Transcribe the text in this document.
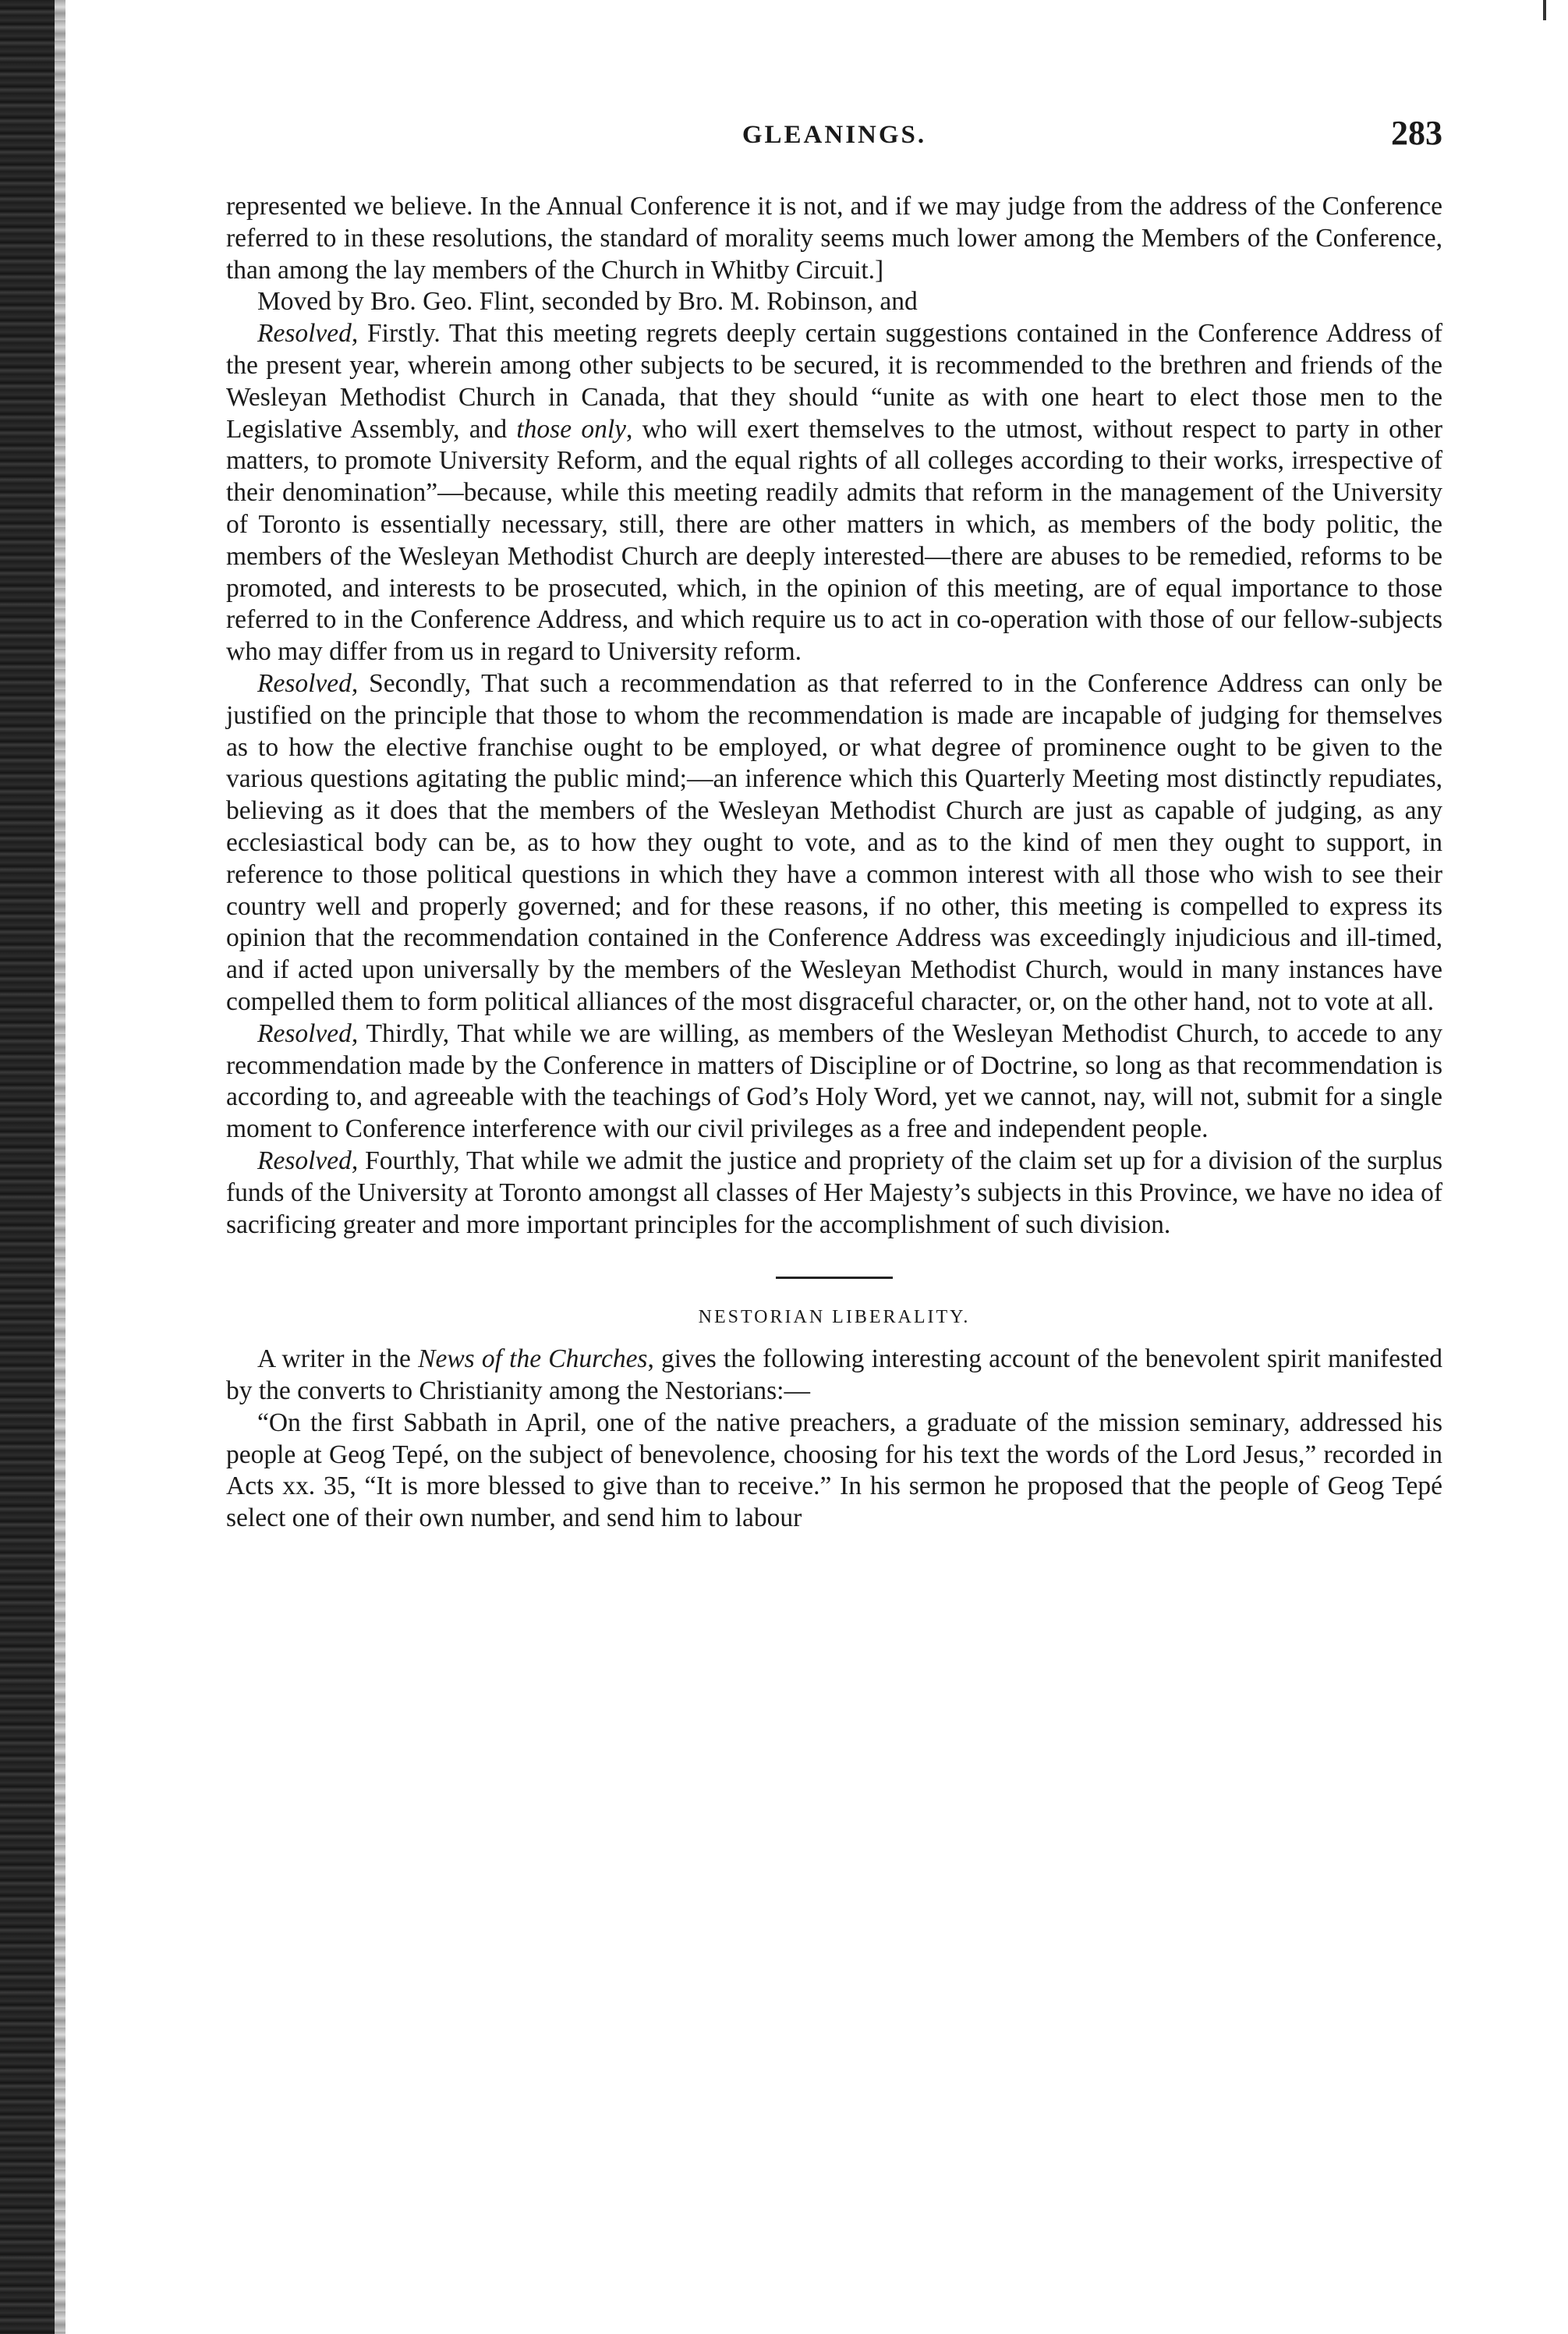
GLEANINGS.	283

represented we believe. In the Annual Conference it is not, and if we may judge from the address of the Conference referred to in these resolutions, the standard of morality seems much lower among the Members of the Conference, than among the lay members of the Church in Whitby Circuit.]

Moved by Bro. Geo. Flint, seconded by Bro. M. Robinson, and

Resolved, Firstly. That this meeting regrets deeply certain suggestions contained in the Conference Address of the present year, wherein among other subjects to be secured, it is recommended to the brethren and friends of the Wesleyan Methodist Church in Canada, that they should “unite as with one heart to elect those men to the Legislative Assembly, and those only, who will exert themselves to the utmost, without respect to party in other matters, to promote University Reform, and the equal rights of all colleges according to their works, irrespective of their denomination”—because, while this meeting readily admits that reform in the management of the University of Toronto is essentially necessary, still, there are other matters in which, as members of the body politic, the members of the Wesleyan Methodist Church are deeply interested—there are abuses to be remedied, reforms to be promoted, and interests to be prosecuted, which, in the opinion of this meeting, are of equal importance to those referred to in the Conference Address, and which require us to act in co-operation with those of our fellow-subjects who may differ from us in regard to University reform.

Resolved, Secondly, That such a recommendation as that referred to in the Conference Address can only be justified on the principle that those to whom the recommendation is made are incapable of judging for themselves as to how the elective franchise ought to be employed, or what degree of prominence ought to be given to the various questions agitating the public mind;—an inference which this Quarterly Meeting most distinctly repudiates, believing as it does that the members of the Wesleyan Methodist Church are just as capable of judging, as any ecclesiastical body can be, as to how they ought to vote, and as to the kind of men they ought to support, in reference to those political questions in which they have a common interest with all those who wish to see their country well and properly governed; and for these reasons, if no other, this meeting is compelled to express its opinion that the recommendation contained in the Conference Address was exceedingly injudicious and ill-timed, and if acted upon universally by the members of the Wesleyan Methodist Church, would in many instances have compelled them to form political alliances of the most disgraceful character, or, on the other hand, not to vote at all.

Resolved, Thirdly, That while we are willing, as members of the Wesleyan Methodist Church, to accede to any recommendation made by the Conference in matters of Discipline or of Doctrine, so long as that recommendation is according to, and agreeable with the teachings of God’s Holy Word, yet we cannot, nay, will not, submit for a single moment to Conference interference with our civil privileges as a free and independent people.

Resolved, Fourthly, That while we admit the justice and propriety of the claim set up for a division of the surplus funds of the University at Toronto amongst all classes of Her Majesty’s subjects in this Province, we have no idea of sacrificing greater and more important principles for the accomplishment of such division.

NESTORIAN LIBERALITY.

A writer in the News of the Churches, gives the following interesting account of the benevolent spirit manifested by the converts to Christianity among the Nestorians:—

“On the first Sabbath in April, one of the native preachers, a graduate of the mission seminary, addressed his people at Geog Tepé, on the subject of benevolence, choosing for his text the words of the Lord Jesus,” recorded in Acts xx. 35, “It is more blessed to give than to receive.” In his sermon he proposed that the people of Geog Tepé select one of their own number, and send him to labour
